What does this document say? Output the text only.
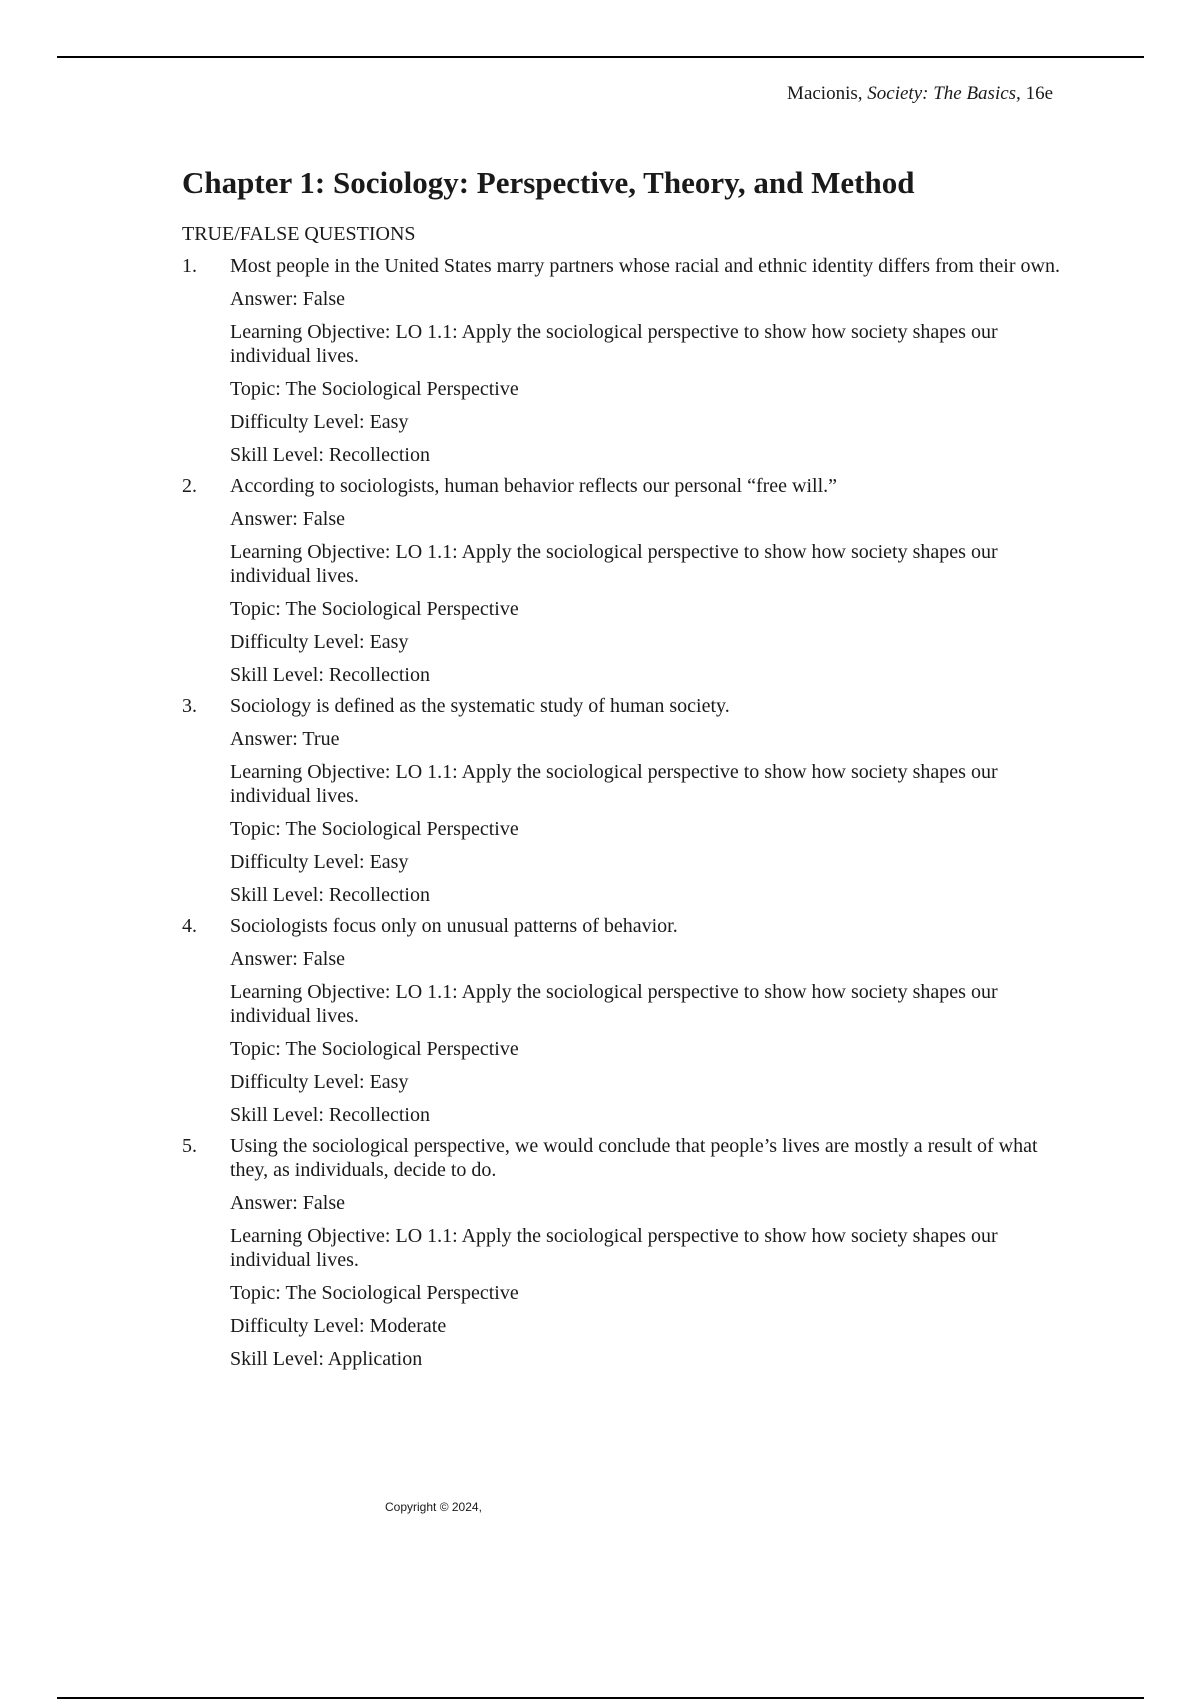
Macionis, Society: The Basics, 16e
Chapter 1: Sociology: Perspective, Theory, and Method
TRUE/FALSE QUESTIONS
1. Most people in the United States marry partners whose racial and ethnic identity differs from their own.
Answer: False
Learning Objective: LO 1.1: Apply the sociological perspective to show how society shapes our individual lives.
Topic: The Sociological Perspective
Difficulty Level: Easy
Skill Level: Recollection
2. According to sociologists, human behavior reflects our personal “free will.”
Answer: False
Learning Objective: LO 1.1: Apply the sociological perspective to show how society shapes our individual lives.
Topic: The Sociological Perspective
Difficulty Level: Easy
Skill Level: Recollection
3. Sociology is defined as the systematic study of human society.
Answer: True
Learning Objective: LO 1.1: Apply the sociological perspective to show how society shapes our individual lives.
Topic: The Sociological Perspective
Difficulty Level: Easy
Skill Level: Recollection
4. Sociologists focus only on unusual patterns of behavior.
Answer: False
Learning Objective: LO 1.1: Apply the sociological perspective to show how society shapes our individual lives.
Topic: The Sociological Perspective
Difficulty Level: Easy
Skill Level: Recollection
5. Using the sociological perspective, we would conclude that people’s lives are mostly a result of what they, as individuals, decide to do.
Answer: False
Learning Objective: LO 1.1: Apply the sociological perspective to show how society shapes our individual lives.
Topic: The Sociological Perspective
Difficulty Level: Moderate
Skill Level: Application
Copyright © 2024,
